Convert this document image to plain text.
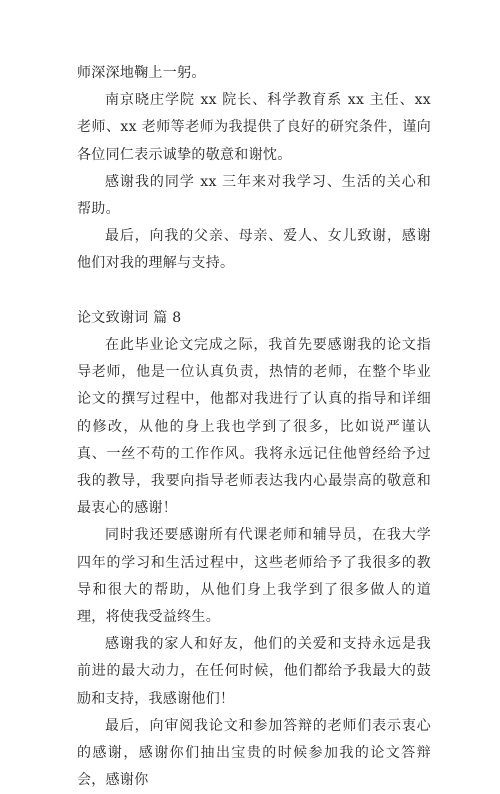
师深深地鞠上一躬。

南京晓庄学院 xx 院长、科学教育系 xx 主任、xx 老师、xx 老师等老师为我提供了良好的研究条件，谨向各位同仁表示诚挚的敬意和谢忱。

感谢我的同学 xx 三年来对我学习、生活的关心和帮助。

最后，向我的父亲、母亲、爱人、女儿致谢，感谢他们对我的理解与支持。

论文致谢词 篇 8

在此毕业论文完成之际，我首先要感谢我的论文指导老师，他是一位认真负责，热情的老师，在整个毕业论文的撰写过程中，他都对我进行了认真的指导和详细的修改，从他的身上我也学到了很多，比如说严谨认真、一丝不苟的工作作风。我将永远记住他曾经给予过我的教导，我要向指导老师表达我内心最崇高的敬意和最衷心的感谢！

同时我还要感谢所有代课老师和辅导员，在我大学四年的学习和生活过程中，这些老师给予了我很多的教导和很大的帮助，从他们身上我学到了很多做人的道理，将使我受益终生。

感谢我的家人和好友，他们的关爱和支持永远是我前进的最大动力，在任何时候，他们都给予我最大的鼓励和支持，我感谢他们！

最后，向审阅我论文和参加答辩的老师们表示衷心的感谢，感谢你们抽出宝贵的时候参加我的论文答辩会，感谢你
